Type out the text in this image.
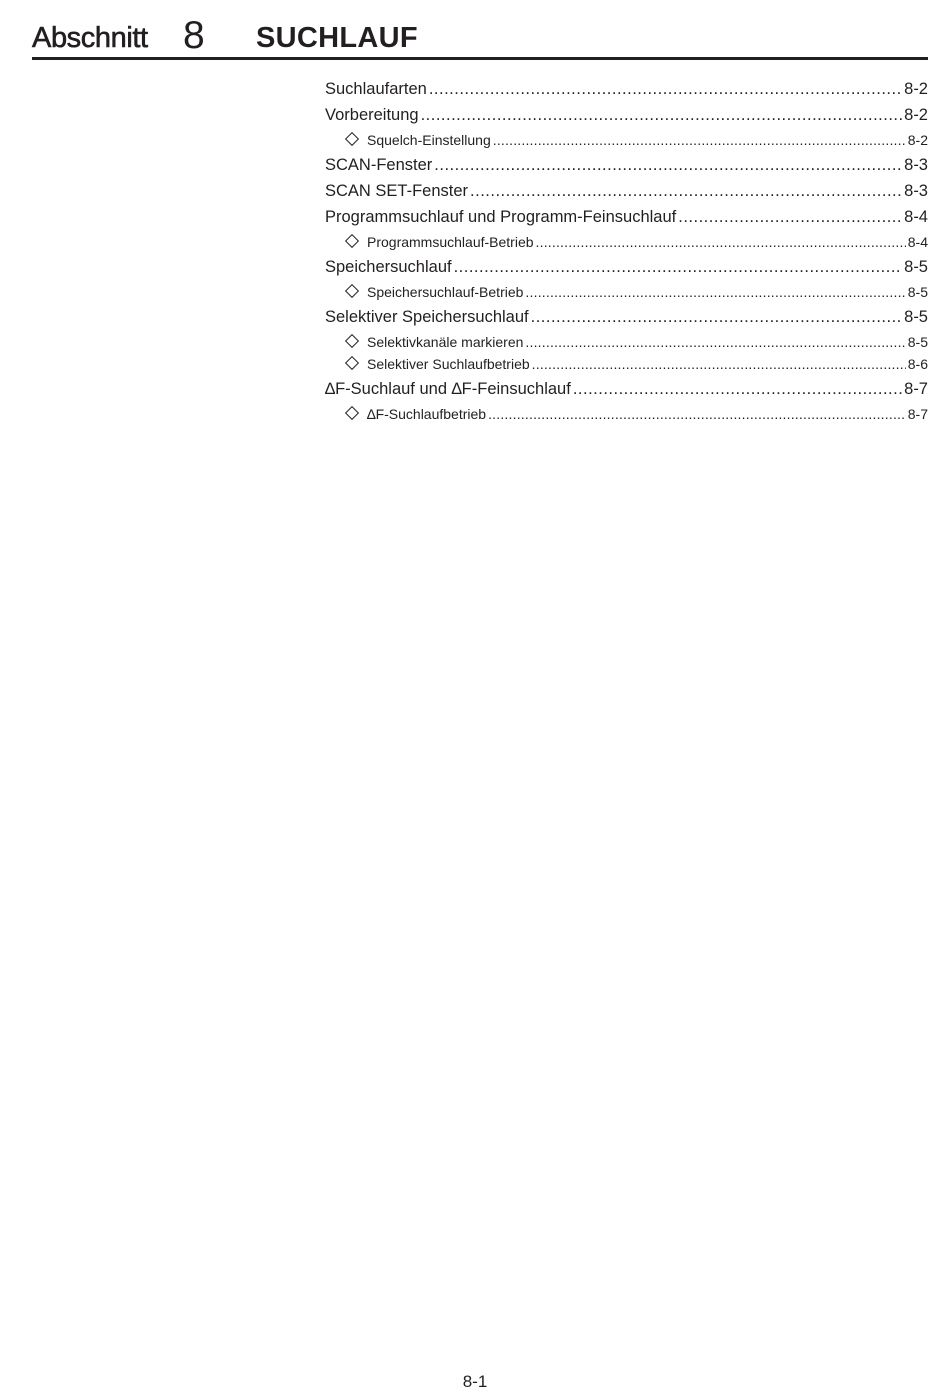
Abschnitt 8 SUCHLAUF
Suchlaufarten .....	8-2
Vorbereitung .....	8-2
Squelch-Einstellung .....	8-2
SCAN-Fenster .....	8-3
SCAN SET-Fenster .....	8-3
Programmsuchlauf und Programm-Feinsuchlauf .....	8-4
Programmsuchlauf-Betrieb .....	8-4
Speichersuchlauf .....	8-5
Speichersuchlauf-Betrieb .....	8-5
Selektiver Speichersuchlauf .....	8-5
Selektivkanäle markieren .....	8-5
Selektiver Suchlaufbetrieb .....	8-6
∆F-Suchlauf und ∆F-Feinsuchlauf .....	8-7
∆F-Suchlaufbetrieb .....	8-7
8-1
